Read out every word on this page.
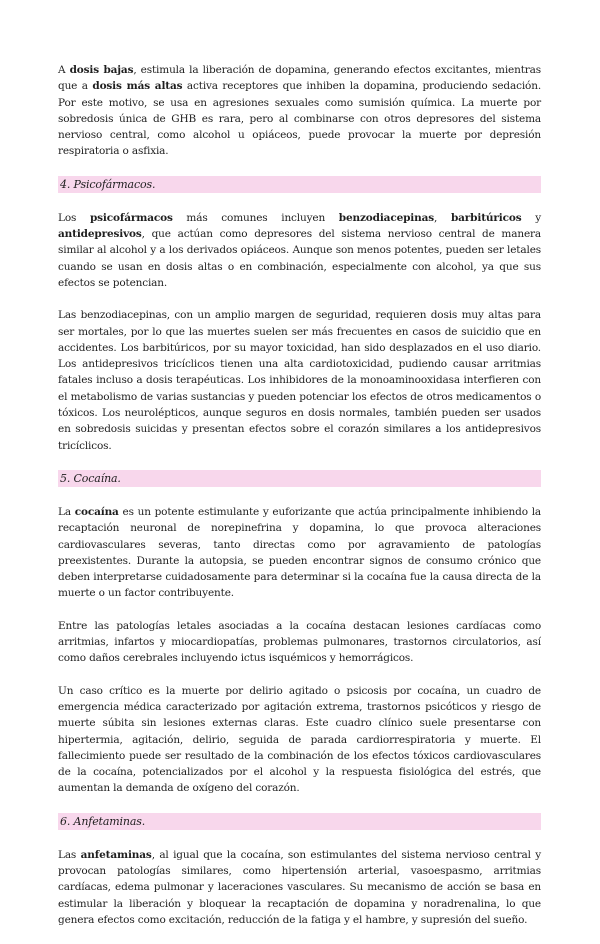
A dosis bajas, estimula la liberación de dopamina, generando efectos excitantes, mientras que a dosis más altas activa receptores que inhiben la dopamina, produciendo sedación. Por este motivo, se usa en agresiones sexuales como sumisión química. La muerte por sobredosis única de GHB es rara, pero al combinarse con otros depresores del sistema nervioso central, como alcohol u opiáceos, puede provocar la muerte por depresión respiratoria o asfixia.

4. Psicofármacos.

Los psicofármacos más comunes incluyen benzodiacepinas, barbitúricos y antidepresivos, que actúan como depresores del sistema nervioso central de manera similar al alcohol y a los derivados opiáceos. Aunque son menos potentes, pueden ser letales cuando se usan en dosis altas o en combinación, especialmente con alcohol, ya que sus efectos se potencian.

Las benzodiacepinas, con un amplio margen de seguridad, requieren dosis muy altas para ser mortales, por lo que las muertes suelen ser más frecuentes en casos de suicidio que en accidentes. Los barbitúricos, por su mayor toxicidad, han sido desplazados en el uso diario. Los antidepresivos tricíclicos tienen una alta cardiotoxicidad, pudiendo causar arritmias fatales incluso a dosis terapéuticas. Los inhibidores de la monoaminooxidasa interfieren con el metabolismo de varias sustancias y pueden potenciar los efectos de otros medicamentos o tóxicos. Los neurolépticos, aunque seguros en dosis normales, también pueden ser usados en sobredosis suicidas y presentan efectos sobre el corazón similares a los antidepresivos tricíclicos.

5. Cocaína.

La cocaína es un potente estimulante y euforizante que actúa principalmente inhibiendo la recaptación neuronal de norepinefrina y dopamina, lo que provoca alteraciones cardiovasculares severas, tanto directas como por agravamiento de patologías preexistentes. Durante la autopsia, se pueden encontrar signos de consumo crónico que deben interpretarse cuidadosamente para determinar si la cocaína fue la causa directa de la muerte o un factor contribuyente.

Entre las patologías letales asociadas a la cocaína destacan lesiones cardíacas como arritmias, infartos y miocardiopatías, problemas pulmonares, trastornos circulatorios, así como daños cerebrales incluyendo ictus isquémicos y hemorrágicos.

Un caso crítico es la muerte por delirio agitado o psicosis por cocaína, un cuadro de emergencia médica caracterizado por agitación extrema, trastornos psicóticos y riesgo de muerte súbita sin lesiones externas claras. Este cuadro clínico suele presentarse con hipertermia, agitación, delirio, seguida de parada cardiorrespiratoria y muerte. El fallecimiento puede ser resultado de la combinación de los efectos tóxicos cardiovasculares de la cocaína, potencializados por el alcohol y la respuesta fisiológica del estrés, que aumentan la demanda de oxígeno del corazón.

6. Anfetaminas.

Las anfetaminas, al igual que la cocaína, son estimulantes del sistema nervioso central y provocan patologías similares, como hipertensión arterial, vasoespasmo, arritmias cardíacas, edema pulmonar y laceraciones vasculares. Su mecanismo de acción se basa en estimular la liberación y bloquear la recaptación de dopamina y noradrenalina, lo que genera efectos como excitación, reducción de la fatiga y el hambre, y supresión del sueño.
